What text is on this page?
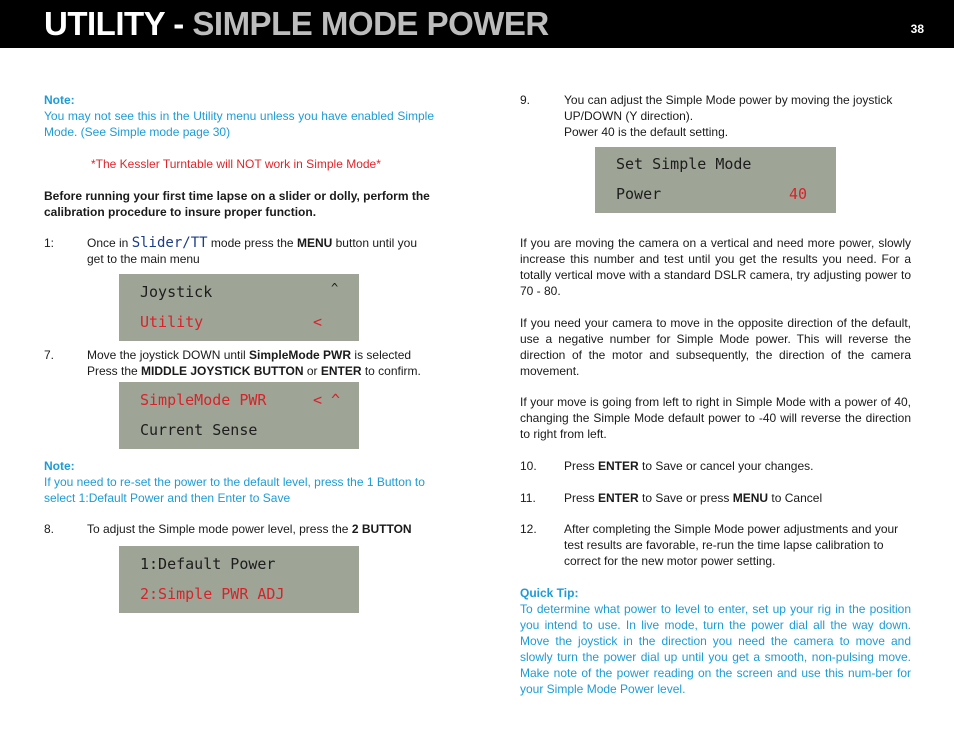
UTILITY - SIMPLE MODE POWER	38

Note:

You may not see this in the Utility menu unless you have enabled Simple Mode. (See Simple mode page 30)

*The Kessler Turntable will NOT work in Simple Mode*

Before running your first time lapse on a slider or dolly, perform the calibration procedure to insure proper function.

1:	Once in Slider/TT mode press the MENU button until you get to the main menu

Joystick	^
Utility	<
7.	Move the joystick DOWN until SimpleMode PWR is selected Press the MIDDLE JOYSTICK BUTTON or ENTER to confirm.

SimpleMode PWR	< ^
Current Sense

Note:

If you need to re-set the power to the default level, press the 1 Button to select 1:Default Power and then Enter to Save

8.	To adjust the Simple mode power level, press the 2 BUTTON

1:Default Power
2:Simple PWR ADJ
9.	You can adjust the Simple Mode power by moving the joystick UP/DOWN (Y direction).

Power 40 is the default setting.

Set Simple Mode
Power	40

If you are moving the camera on a vertical and need more power, slowly increase this number and test until you get the results you need. For a totally vertical move with a standard DSLR camera, try adjusting power to 70 - 80.

If you need your camera to move in the opposite direction of the default, use a negative number for Simple Mode power. This will reverse the direction of the motor and subsequently, the direction of the camera movement.

If your move is going from left to right in Simple Mode with a power of 40, changing the Simple Mode default power to -40 will reverse the direction to right from left.

10. Press ENTER to Save or cancel your changes.

11. Press ENTER to Save or press MENU to Cancel

12. After completing the Simple Mode power adjustments and your test results are favorable, re-run the time lapse calibration to correct for the new motor power setting.

Quick Tip:

To determine what power to level to enter, set up your rig in the position you intend to use. In live mode, turn the power dial all the way down. Move the joystick in the direction you need the camera to move and slowly turn the power dial up until you get a smooth, non-pulsing move. Make note of the power reading on the screen and use this num-ber for your Simple Mode Power level.
